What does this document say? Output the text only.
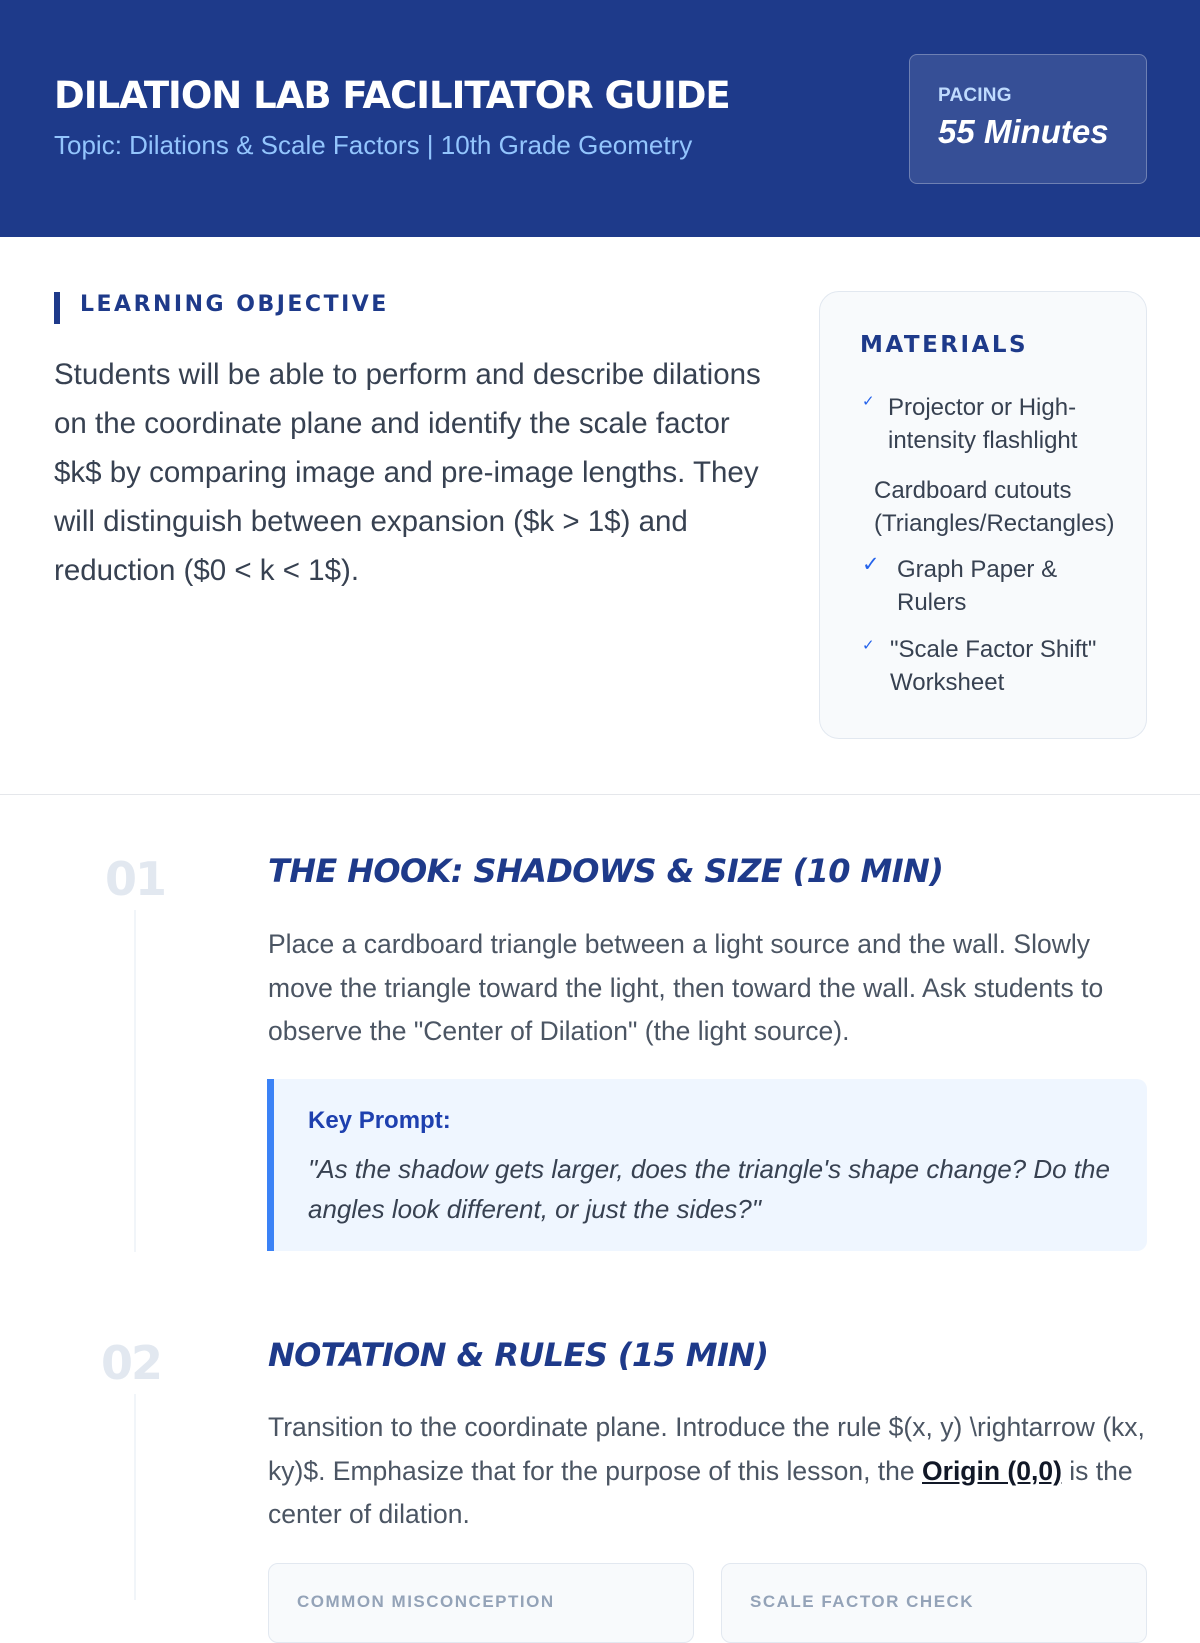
DILATION LAB FACILITATOR GUIDE
Topic: Dilations & Scale Factors | 10th Grade Geometry
PACING
55 Minutes
LEARNING OBJECTIVE
Students will be able to perform and describe dilations on the coordinate plane and identify the scale factor $k$ by comparing image and pre-image lengths. They will distinguish between expansion ($k > 1$) and reduction ($0 < k < 1$).
MATERIALS
✓ Projector or High-intensity flashlight
Cardboard cutouts (Triangles/Rectangles)
✓ Graph Paper & Rulers
✓ "Scale Factor Shift" Worksheet
01	THE HOOK: SHADOWS & SIZE (10 MIN)
Place a cardboard triangle between a light source and the wall. Slowly move the triangle toward the light, then toward the wall. Ask students to observe the "Center of Dilation" (the light source).
Key Prompt:
"As the shadow gets larger, does the triangle's shape change? Do the angles look different, or just the sides?"
02	NOTATION & RULES (15 MIN)
Transition to the coordinate plane. Introduce the rule $(x, y) \rightarrow (kx, ky)$. Emphasize that for the purpose of this lesson, the Origin (0,0) is the center of dilation.
COMMON MISCONCEPTION	SCALE FACTOR CHECK
